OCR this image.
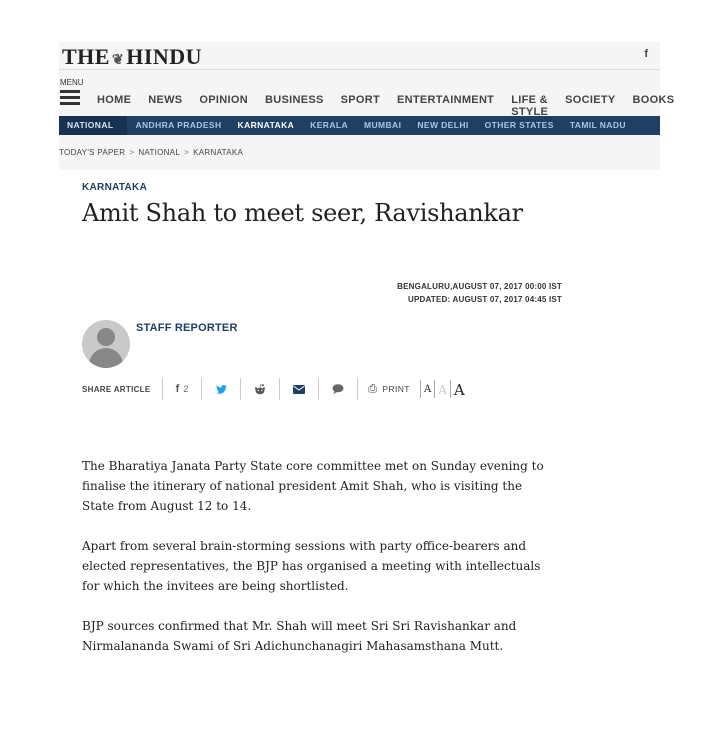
THE ❦HINDU	f
MENU
HOME NEWS OPINION BUSINESS SPORT ENTERTAINMENT LIFE & STYLE
SOCIETY BOOKS
NATIONAL	ANDHRA PRADESH	KARNATAKA	KERALA	MUMBAI	NEW DELHI	OTHER STATES	TAMIL NADU
TODAY'S PAPER > NATIONAL > KARNATAKA
KARNATAKA
Amit Shah to meet seer, Ravishankar
BENGALURU,AUGUST 07, 2017 00:00 IST
UPDATED: AUGUST 07, 2017 04:45 IST
STAFF REPORTER
SHARE ARTICLE	f 2	⎙ PRINT	A A A

The Bharatiya Janata Party State core committee met on Sunday evening to finalise the itinerary of national president Amit Shah, who is visiting the State from August 12 to 14.

Apart from several brain-storming sessions with party office-bearers and elected representatives, the BJP has organised a meeting with intellectuals for which the invitees are being shortlisted.

BJP sources confirmed that Mr. Shah will meet Sri Sri Ravishankar and Nirmalananda Swami of Sri Adichunchanagiri Mahasamsthana Mutt.
